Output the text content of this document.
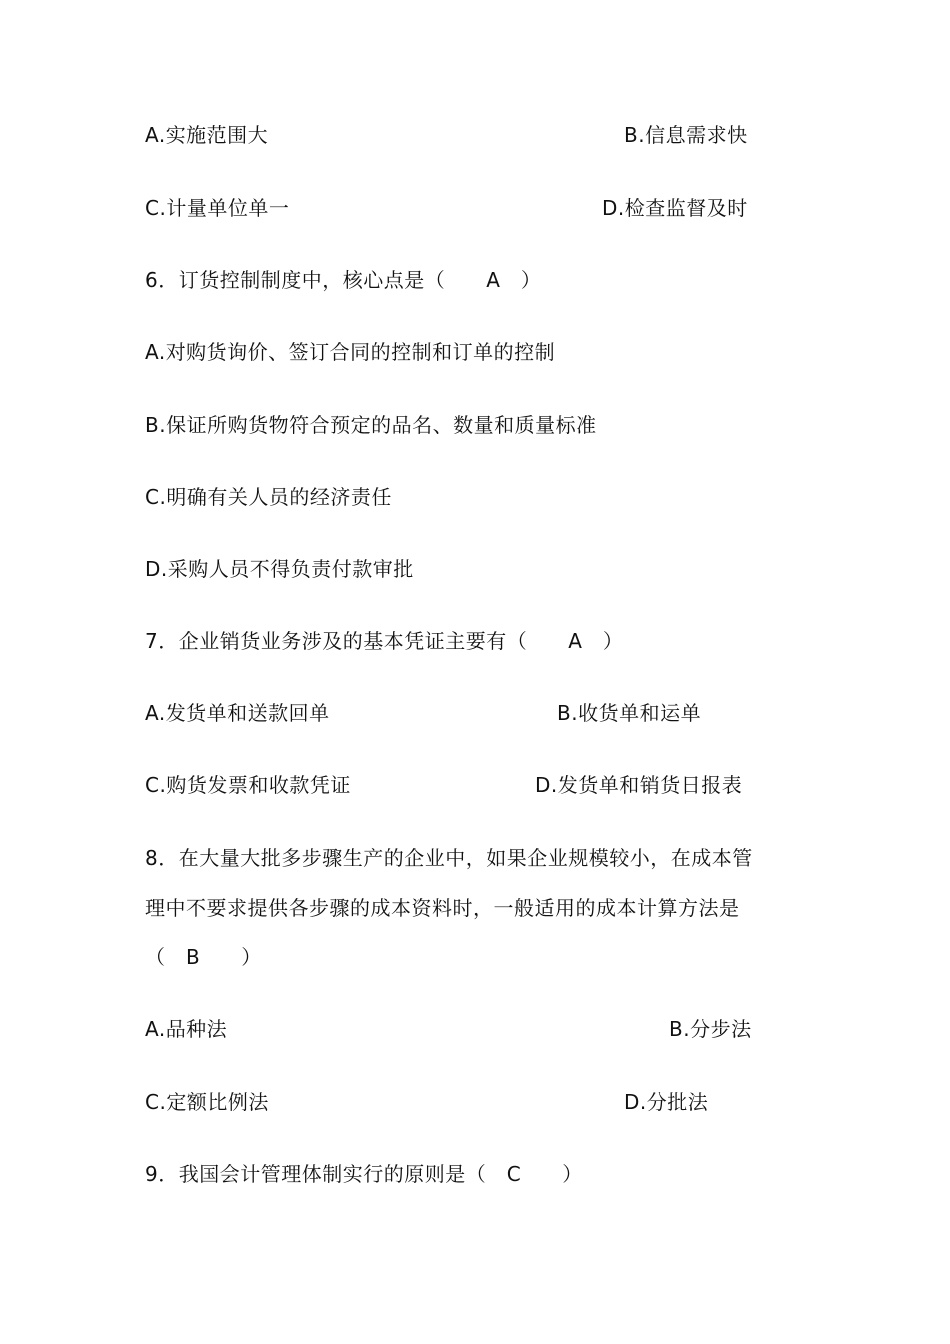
A.实施范围大	B.信息需求快
C.计量单位单一	D.检查监督及时
6．订货控制制度中，核心点是（　　A　）
A.对购货询价、签订合同的控制和订单的控制
B.保证所购货物符合预定的品名、数量和质量标准
C.明确有关人员的经济责任
D.采购人员不得负责付款审批
7．企业销货业务涉及的基本凭证主要有（　　A　）
A.发货单和送款回单	B.收货单和运单
C.购货发票和收款凭证	D.发货单和销货日报表
8．在大量大批多步骤生产的企业中，如果企业规模较小，在成本管
理中不要求提供各步骤的成本资料时，一般适用的成本计算方法是
（　B　　）
A.品种法	B.分步法
C.定额比例法	D.分批法
9．我国会计管理体制实行的原则是（　C　　）
